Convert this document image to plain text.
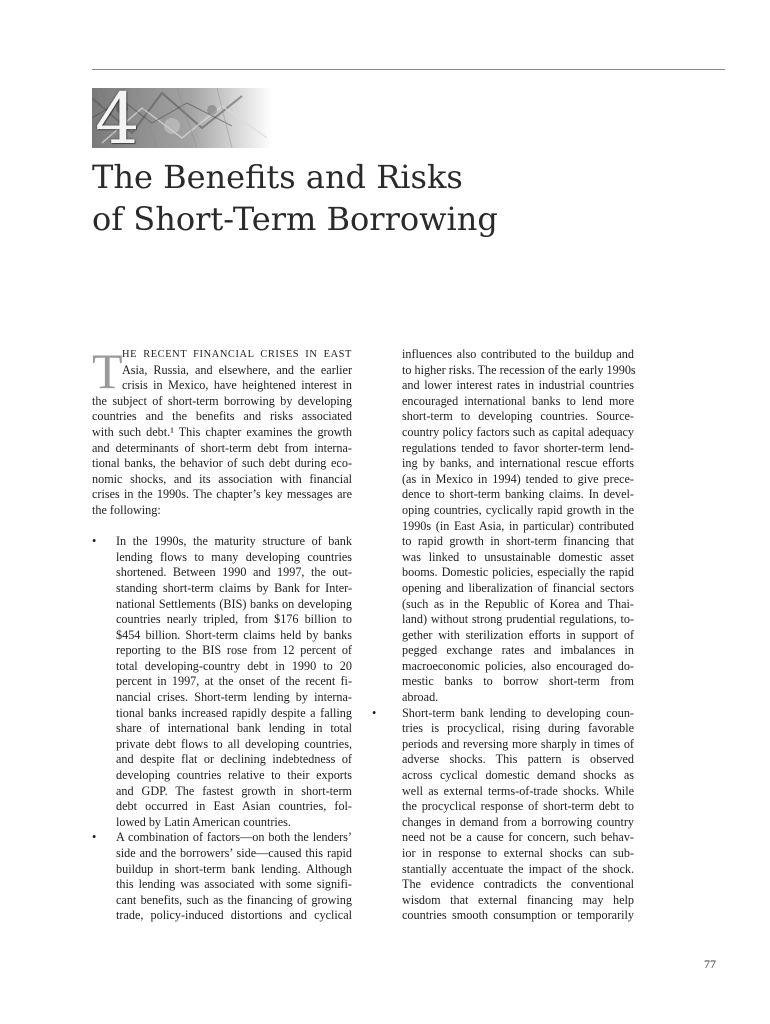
4
The Benefits and Risks
of Short-Term Borrowing
T HE RECENT FINANCIAL CRISES IN EAST
Asia, Russia, and elsewhere, and the earlier
crisis in Mexico, have heightened interest in
the subject of short-term borrowing by developing
countries and the benefits and risks associated
with such debt.¹ This chapter examines the growth
and determinants of short-term debt from interna-
tional banks, the behavior of such debt during eco-
nomic shocks, and its association with financial
crises in the 1990s. The chapter’s key messages are
the following:
• In the 1990s, the maturity structure of bank
lending flows to many developing countries
shortened. Between 1990 and 1997, the out-
standing short-term claims by Bank for Inter-
national Settlements (BIS) banks on developing
countries nearly tripled, from $176 billion to
$454 billion. Short-term claims held by banks
reporting to the BIS rose from 12 percent of
total developing-country debt in 1990 to 20
percent in 1997, at the onset of the recent fi-
nancial crises. Short-term lending by interna-
tional banks increased rapidly despite a falling
share of international bank lending in total
private debt flows to all developing countries,
and despite flat or declining indebtedness of
developing countries relative to their exports
and GDP. The fastest growth in short-term
debt occurred in East Asian countries, fol-
lowed by Latin American countries.
• A combination of factors—on both the lenders’
side and the borrowers’ side—caused this rapid
buildup in short-term bank lending. Although
this lending was associated with some signifi-
cant benefits, such as the financing of growing
trade, policy-induced distortions and cyclical
influences also contributed to the buildup and
to higher risks. The recession of the early 1990s
and lower interest rates in industrial countries
encouraged international banks to lend more
short-term to developing countries. Source-
country policy factors such as capital adequacy
regulations tended to favor shorter-term lend-
ing by banks, and international rescue efforts
(as in Mexico in 1994) tended to give prece-
dence to short-term banking claims. In devel-
oping countries, cyclically rapid growth in the
1990s (in East Asia, in particular) contributed
to rapid growth in short-term financing that
was linked to unsustainable domestic asset
booms. Domestic policies, especially the rapid
opening and liberalization of financial sectors
(such as in the Republic of Korea and Thai-
land) without strong prudential regulations, to-
gether with sterilization efforts in support of
pegged exchange rates and imbalances in
macroeconomic policies, also encouraged do-
mestic banks to borrow short-term from
abroad.
• Short-term bank lending to developing coun-
tries is procyclical, rising during favorable
periods and reversing more sharply in times of
adverse shocks. This pattern is observed
across cyclical domestic demand shocks as
well as external terms-of-trade shocks. While
the procyclical response of short-term debt to
changes in demand from a borrowing country
need not be a cause for concern, such behav-
ior in response to external shocks can sub-
stantially accentuate the impact of the shock.
The evidence contradicts the conventional
wisdom that external financing may help
countries smooth consumption or temporarily
77
